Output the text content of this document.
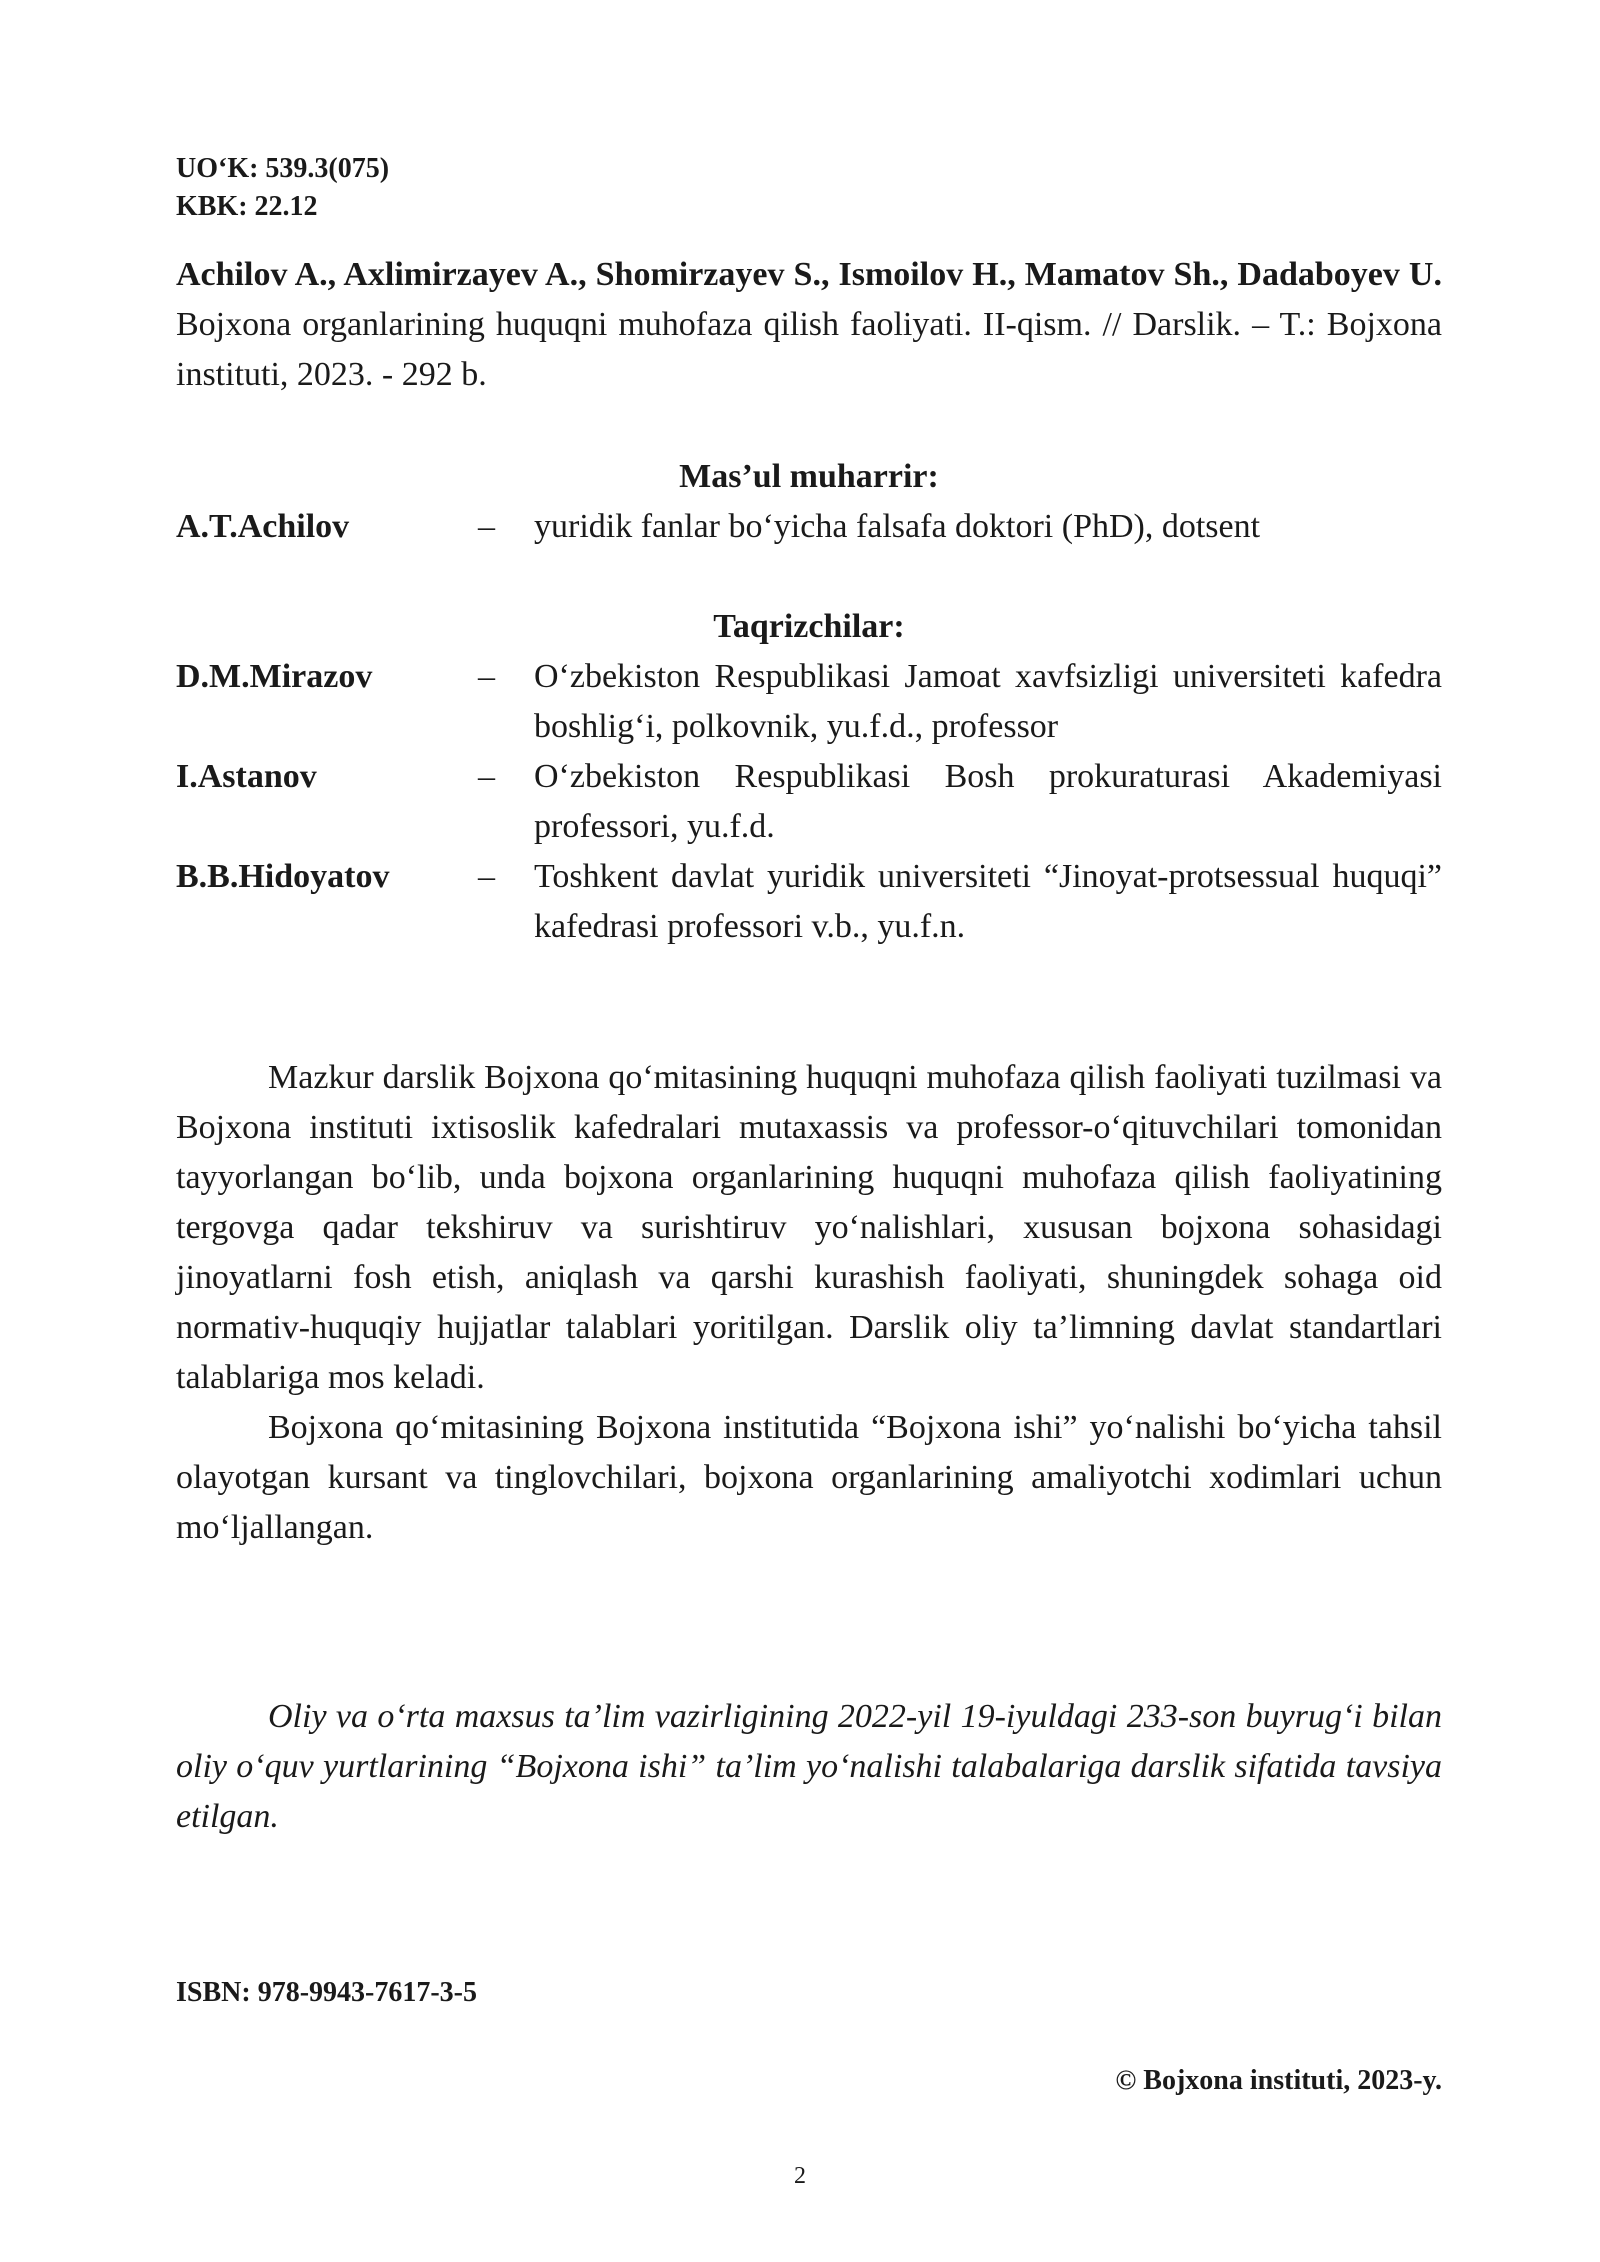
UO‘K: 539.3(075)
KBK: 22.12
Achilov A., Axlimirzayev A., Shomirzayev S., Ismoilov H., Mamatov Sh., Dadaboyev U. Bojxona organlarining huquqni muhofaza qilish faoliyati. II-qism. // Darslik. – T.: Bojxona instituti, 2023. - 292 b.
Mas’ul muharrir:
A.T.Achilov	– yuridik fanlar bo‘yicha falsafa doktori (PhD), dotsent
Taqrizchilar:
D.M.Mirazov	– O‘zbekiston Respublikasi Jamoat xavfsizligi universiteti kafedra boshlig‘i, polkovnik, yu.f.d., professor
I.Astanov	– O‘zbekiston Respublikasi Bosh prokuraturasi Akademiyasi professori, yu.f.d.
B.B.Hidoyatov	– Toshkent davlat yuridik universiteti “Jinoyat-protsessual huquqi” kafedrasi professori v.b., yu.f.n.

Mazkur darslik Bojxona qo‘mitasining huquqni muhofaza qilish faoliyati tuzilmasi va Bojxona instituti ixtisoslik kafedralari mutaxassis va professor-o‘qituvchilari tomonidan tayyorlangan bo‘lib, unda bojxona organlarining huquqni muhofaza qilish faoliyatining tergovga qadar tekshiruv va surishtiruv yo‘nalishlari, xususan bojxona sohasidagi jinoyatlarni fosh etish, aniqlash va qarshi kurashish faoliyati, shuningdek sohaga oid normativ-huquqiy hujjatlar talablari yoritilgan. Darslik oliy ta’limning davlat standartlari talablariga mos keladi.

Bojxona qo‘mitasining Bojxona institutida “Bojxona ishi” yo‘nalishi bo‘yicha tahsil olayotgan kursant va tinglovchilari, bojxona organlarining amaliyotchi xodimlari uchun mo‘ljallangan.

Oliy va o‘rta maxsus ta’lim vazirligining 2022-yil 19-iyuldagi 233-son buyrug‘i bilan oliy o‘quv yurtlarining “Bojxona ishi” ta’lim yo‘nalishi talabalariga darslik sifatida tavsiya etilgan.

ISBN: 978-9943-7617-3-5
© Bojxona instituti, 2023-y.
2
